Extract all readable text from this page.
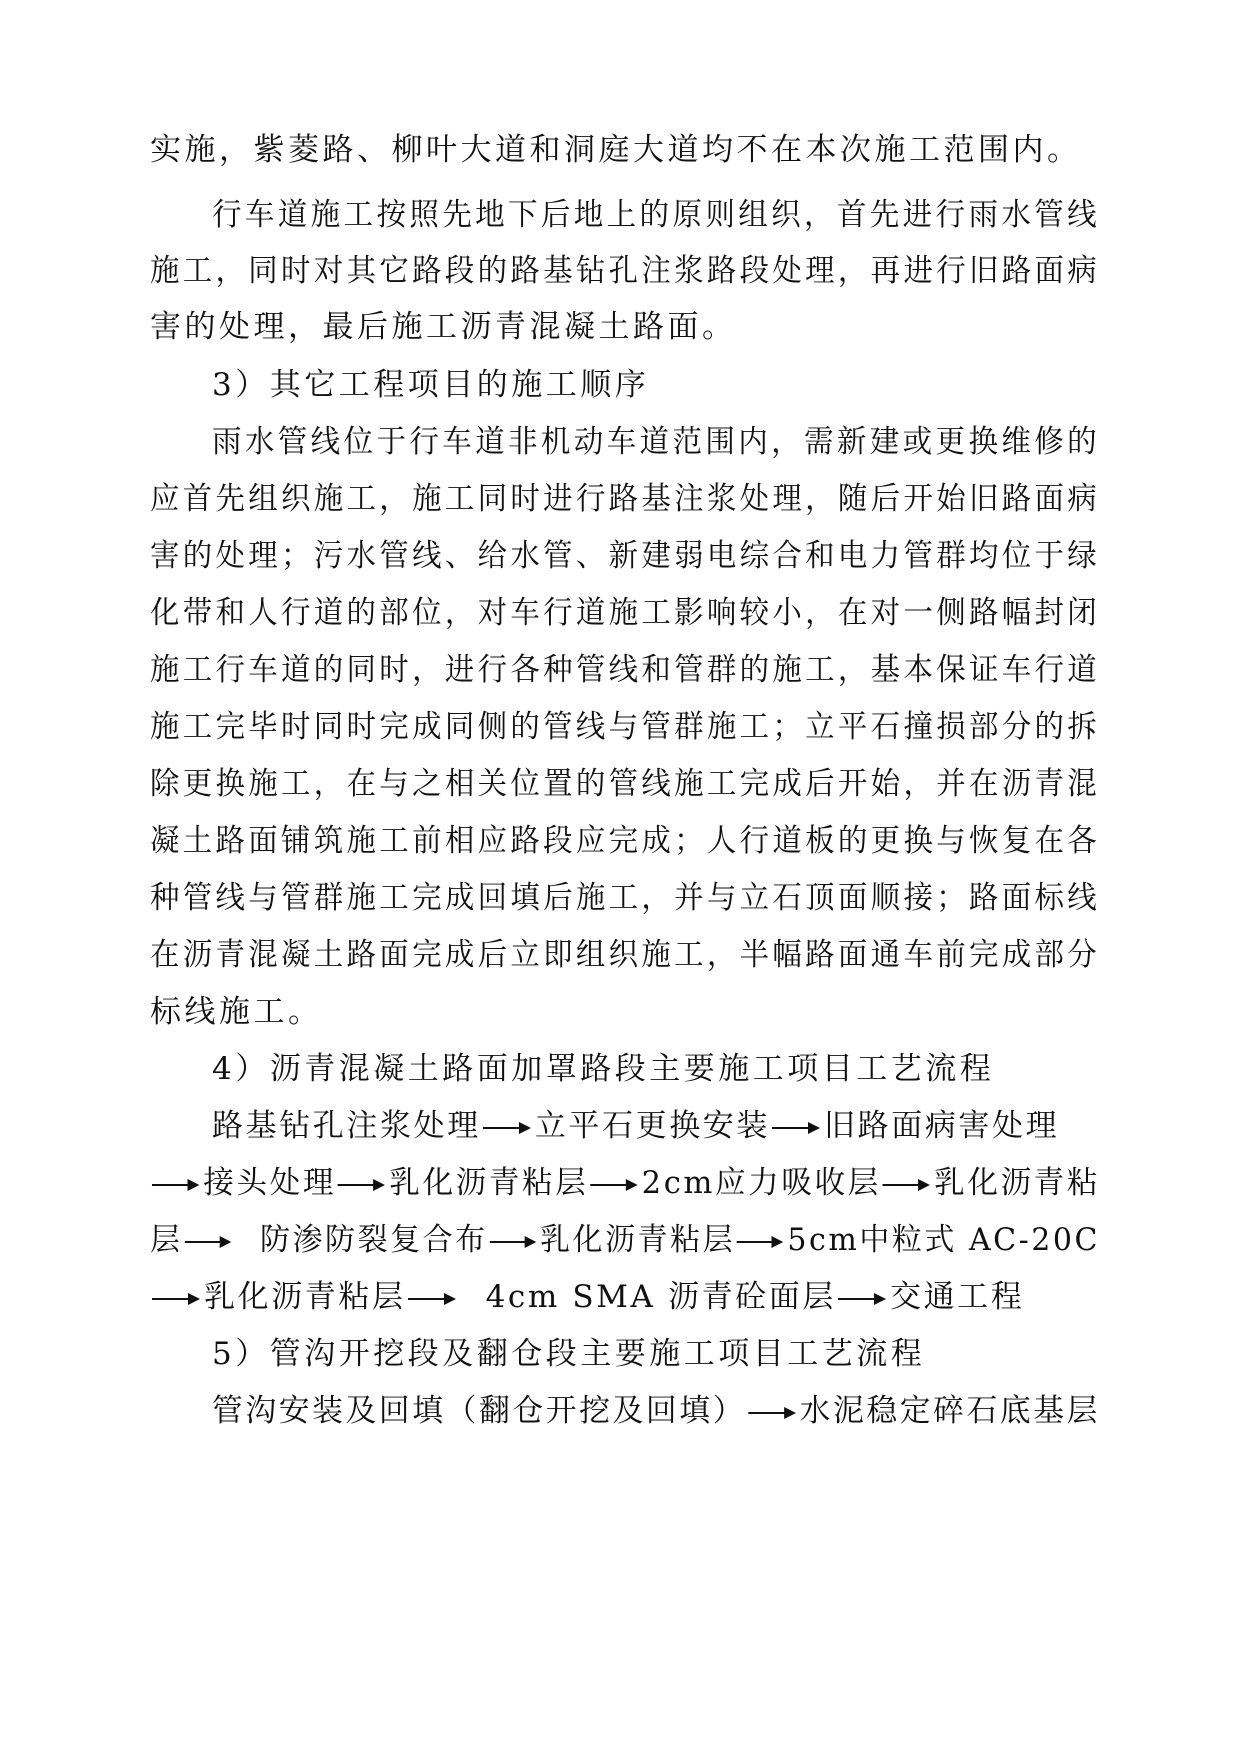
实施，紫菱路、柳叶大道和洞庭大道均不在本次施工范围内。
行车道施工按照先地下后地上的原则组织，首先进行雨水管线
施工，同时对其它路段的路基钻孔注浆路段处理，再进行旧路面病
害的处理，最后施工沥青混凝土路面。
3）其它工程项目的施工顺序
雨水管线位于行车道非机动车道范围内，需新建或更换维修的
应首先组织施工，施工同时进行路基注浆处理，随后开始旧路面病
害的处理；污水管线、给水管、新建弱电综合和电力管群均位于绿
化带和人行道的部位，对车行道施工影响较小，在对一侧路幅封闭
施工行车道的同时，进行各种管线和管群的施工，基本保证车行道
施工完毕时同时完成同侧的管线与管群施工；立平石撞损部分的拆
除更换施工，在与之相关位置的管线施工完成后开始，并在沥青混
凝土路面铺筑施工前相应路段应完成；人行道板的更换与恢复在各
种管线与管群施工完成回填后施工，并与立石顶面顺接；路面标线
在沥青混凝土路面完成后立即组织施工，半幅路面通车前完成部分
标线施工。
4）沥青混凝土路面加罩路段主要施工项目工艺流程
路基钻孔注浆处理 立平石更换安装 旧路面病害处理
接头处理 乳化沥青粘层 2cm应力吸收层 乳化沥青粘
层 防渗防裂复合布 乳化沥青粘层 5cm中粒式 AC-20C
乳化沥青粘层	4cm SMA 沥青砼面层 交通工程
5）管沟开挖段及翻仓段主要施工项目工艺流程
管沟安装及回填（翻仓开挖及回填） 水泥稳定碎石底基层
